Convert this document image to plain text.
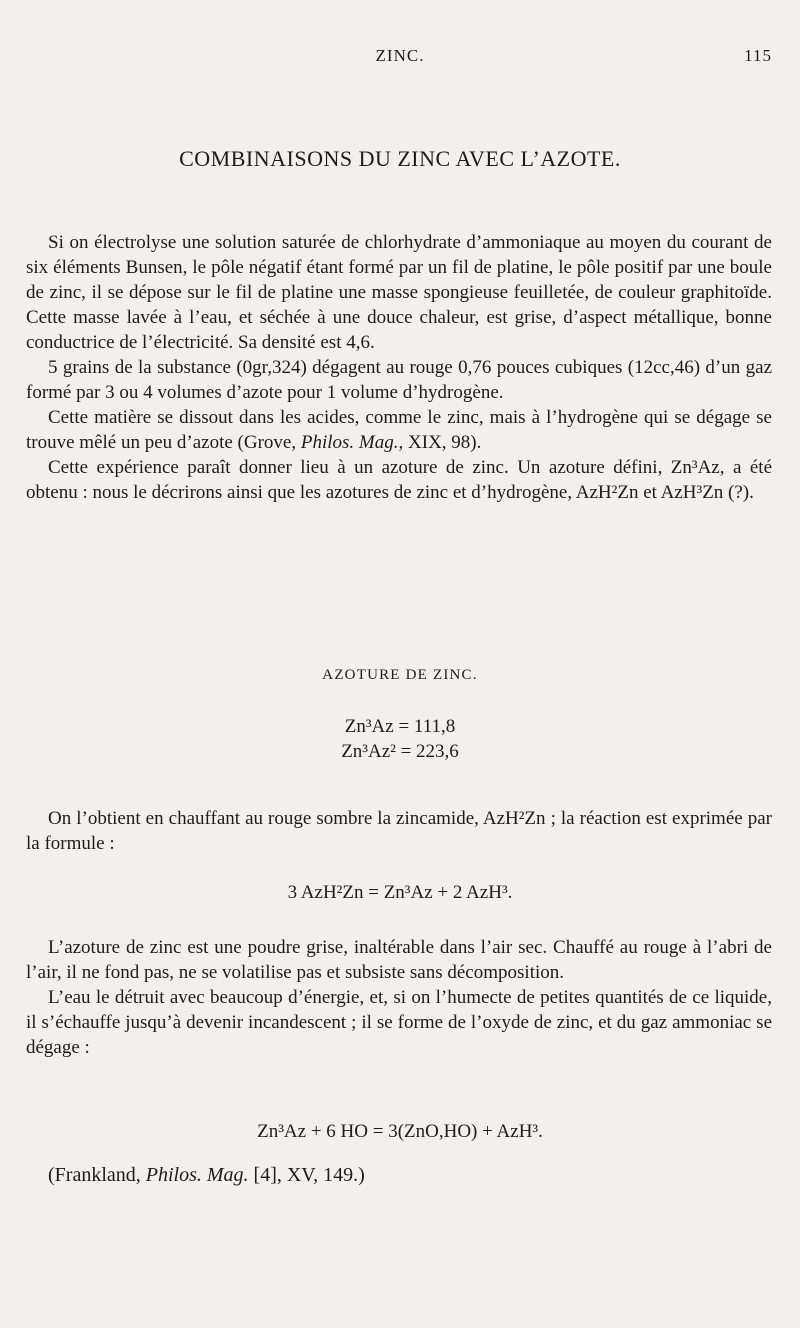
ZINC.	115
COMBINAISONS DU ZINC AVEC L’AZOTE.

Si on électrolyse une solution saturée de chlorhydrate d’ammoniaque au moyen du courant de six éléments Bunsen, le pôle négatif étant formé par un fil de platine, le pôle positif par une boule de zinc, il se dépose sur le fil de platine une masse spongieuse feuilletée, de couleur graphitoïde. Cette masse lavée à l’eau, et séchée à une douce chaleur, est grise, d’aspect métallique, bonne conductrice de l’électricité. Sa densité est 4,6.

5 grains de la substance (0gr,324) dégagent au rouge 0,76 pouces cubiques (12cc,46) d’un gaz formé par 3 ou 4 volumes d’azote pour 1 volume d’hydrogène.

Cette matière se dissout dans les acides, comme le zinc, mais à l’hydrogène qui se dégage se trouve mêlé un peu d’azote (Grove, Philos. Mag., XIX, 98).

Cette expérience paraît donner lieu à un azoture de zinc. Un azoture défini, Zn³Az, a été obtenu : nous le décrirons ainsi que les azotures de zinc et d’hydrogène, AzH²Zn et AzH³Zn (?).

AZOTURE DE ZINC.
Zn³Az = 111,8
Zn³Az² = 223,6

On l’obtient en chauffant au rouge sombre la zincamide, AzH²Zn ; la réaction est exprimée par la formule :

3 AzH²Zn = Zn³Az + 2 AzH³.

L’azoture de zinc est une poudre grise, inaltérable dans l’air sec. Chauffé au rouge à l’abri de l’air, il ne fond pas, ne se volatilise pas et subsiste sans décomposition.

L’eau le détruit avec beaucoup d’énergie, et, si on l’humecte de petites quantités de ce liquide, il s’échauffe jusqu’à devenir incandescent ; il se forme de l’oxyde de zinc, et du gaz ammoniac se dégage :

Zn³Az + 6 HO = 3(ZnO,HO) + AzH³.
(Frankland, Philos. Mag. [4], XV, 149.)
